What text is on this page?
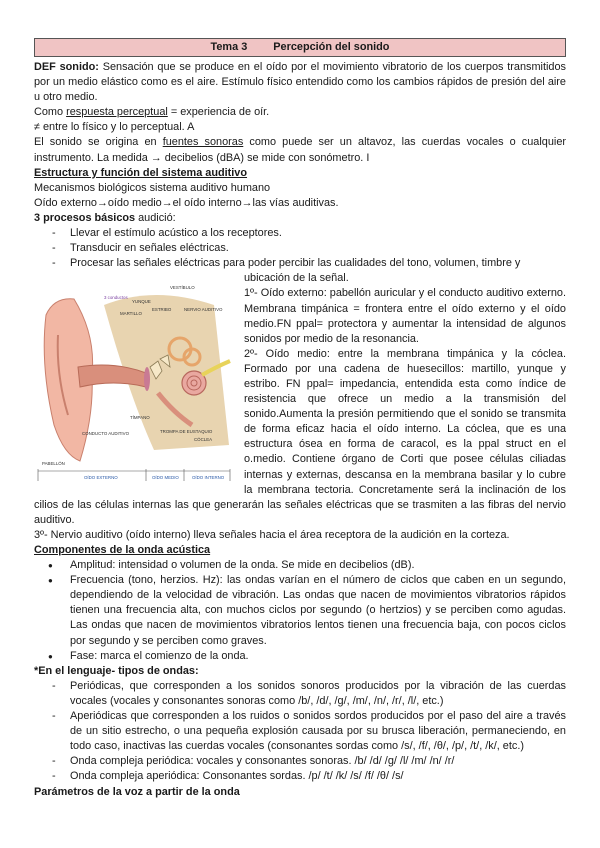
Tema 3 Percepción del sonido

DEF sonido: Sensación que se produce en el oído por el movimiento vibratorio de los cuerpos transmitidos por un medio elástico como es el aire. Estímulo físico entendido como los cambios rápidos de presión del aire u otro medio.

Como respuesta perceptual = experiencia de oír.

≠ entre lo físico y lo perceptual. A

El sonido se origina en fuentes sonoras como puede ser un altavoz, las cuerdas vocales o cualquier instrumento. La medida → decibelios (dBA) se mide con sonómetro. I

Estructura y función del sistema auditivo

Mecanismos biológicos sistema auditivo humano

Oído externo→oído medio→el oído interno→las vías auditivas.

3 procesos básicos audició:

- Llevar el estímulo acústico a los receptores.
- Transducir en señales eléctricas.
- Procesar las señales eléctricas para poder percibir las cualidades del tono, volumen, timbre y
VESTÍBULO
YUNQUE
ESTRIBO	NERVIO AUDITIVO
MARTILLO
CONDUCTO AUDITIVO
TÍMPANO
CÓCLEA
TROMPA DE EUSTAQUIO
PABELLÓN
3 conductos
OÍDO EXTERNO	OÍDO MEDIO	OÍDO INTERNO

ubicación de la señal.

1º- Oído externo: pabellón auricular y el conducto auditivo externo. Membrana timpánica = frontera entre el oído externo y el oído medio.FN ppal= protectora y aumentar la intensidad de algunos sonidos por medio de la resonancia.

2º- Oído medio: entre la membrana timpánica y la cóclea. Formado por una cadena de huesecillos: martillo, yunque y estribo. FN ppal= impedancia, entendida esta como índice de resistencia que ofrece un medio a la transmisión del sonido.Aumenta la presión permitiendo que el sonido se transmita de forma eficaz hacia el oído interno. La cóclea, que es una estructura ósea en forma de caracol, es la ppal struct en el o.medio. Contiene órgano de Corti que posee células ciliadas internas y externas, descansa en la membrana basilar y lo cubre la membrana tectoria. Concretamente será la inclinación de los cilios de las células internas las que generarán las señales eléctricas que se trasmiten a las fibras del nervio auditivo.

3º- Nervio auditivo (oído interno) lleva señales hacia el área receptora de la audición en la corteza.

Componentes de la onda acústica

● Amplitud: intensidad o volumen de la onda. Se mide en decibelios (dB).
● Frecuencia (tono, herzios. Hz): las ondas varían en el número de ciclos que caben en un segundo, dependiendo de la velocidad de vibración. Las ondas que nacen de movimientos vibratorios rápidos tienen una frecuencia alta, con muchos ciclos por segundo (o hertzios) y se perciben como agudas. Las ondas que nacen de movimientos vibratorios lentos tienen una frecuencia baja, con pocos ciclos por segundo y se perciben como graves.
● Fase: marca el comienzo de la onda.

*En el lenguaje- tipos de ondas:

- Periódicas, que corresponden a los sonidos sonoros producidos por la vibración de las cuerdas vocales (vocales y consonantes sonoras como /b/, /d/, /g/, /m/, /n/, /r/, /l/, etc.)
- Aperiódicas que corresponden a los ruidos o sonidos sordos producidos por el paso del aire a través de un sitio estrecho, o una pequeña explosión causada por su brusca liberación, permaneciendo, en todo caso, inactivas las cuerdas vocales (consonantes sordas como /s/, /f/, /θ/, /p/, /t/, /k/, etc.)
- Onda compleja periódica: vocales y consonantes sonoras. /b/ /d/ /g/ /l/ /m/ /n/ /r/
- Onda compleja aperiódica: Consonantes sordas. /p/ /t/ /k/ /s/ /f/ /θ/ /s/

Parámetros de la voz a partir de la onda
